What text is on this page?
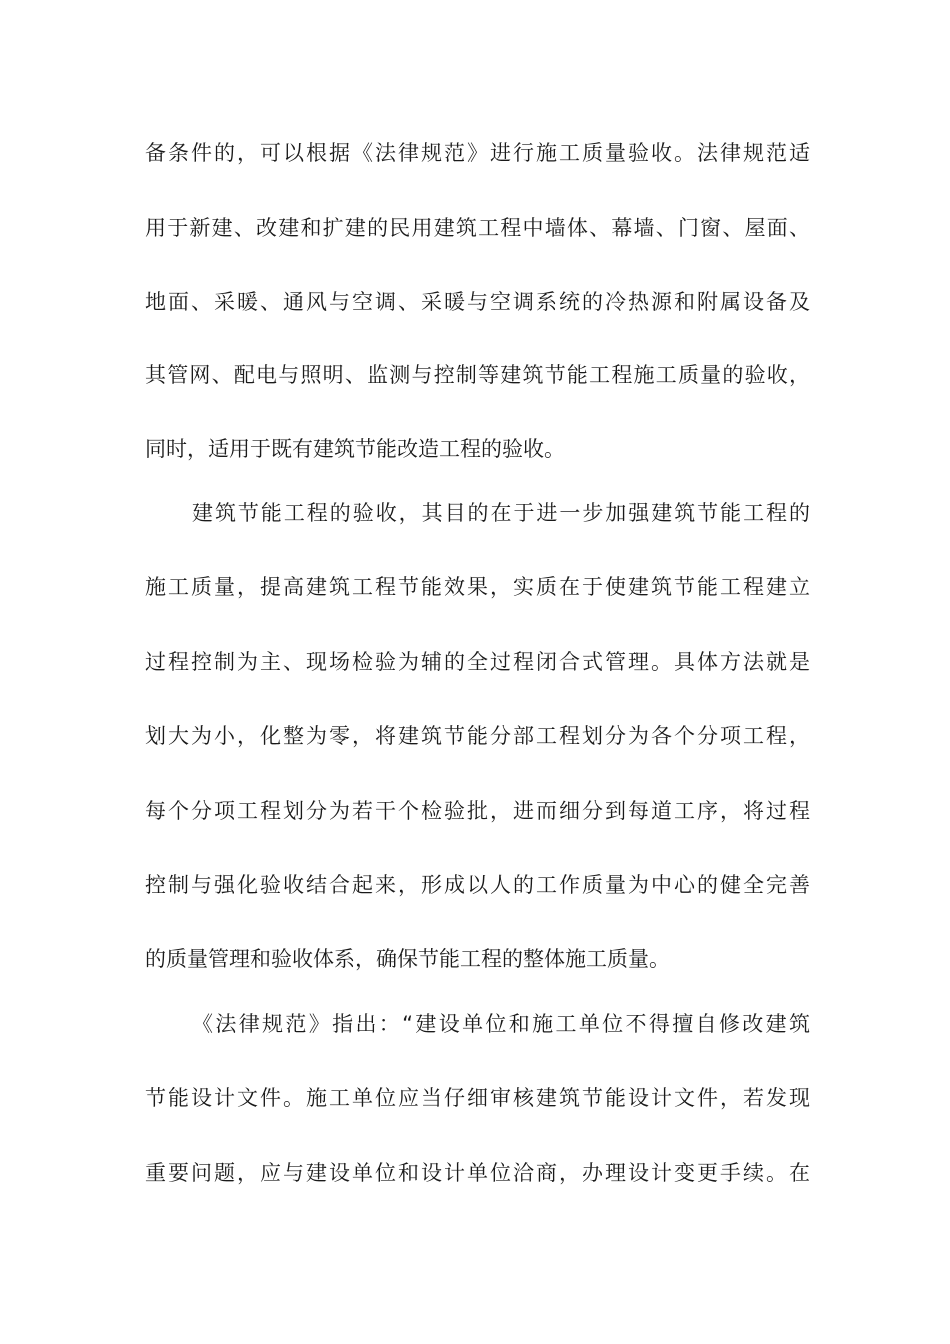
备条件的，可以根据《法律规范》进行施工质量验收。法律规范适
用于新建、改建和扩建的民用建筑工程中墙体、幕墙、门窗、屋面、
地面、采暖、通风与空调、采暖与空调系统的冷热源和附属设备及
其管网、配电与照明、监测与控制等建筑节能工程施工质量的验收，
同时，适用于既有建筑节能改造工程的验收。
建筑节能工程的验收，其目的在于进一步加强建筑节能工程的
施工质量，提高建筑工程节能效果，实质在于使建筑节能工程建立
过程控制为主、现场检验为辅的全过程闭合式管理。具体方法就是
划大为小，化整为零，将建筑节能分部工程划分为各个分项工程，
每个分项工程划分为若干个检验批，进而细分到每道工序，将过程
控制与强化验收结合起来，形成以人的工作质量为中心的健全完善
的质量管理和验收体系，确保节能工程的整体施工质量。
《法律规范》指出：“建设单位和施工单位不得擅自修改建筑
节能设计文件。施工单位应当仔细审核建筑节能设计文件，若发现
重要问题，应与建设单位和设计单位洽商，办理设计变更手续。在
